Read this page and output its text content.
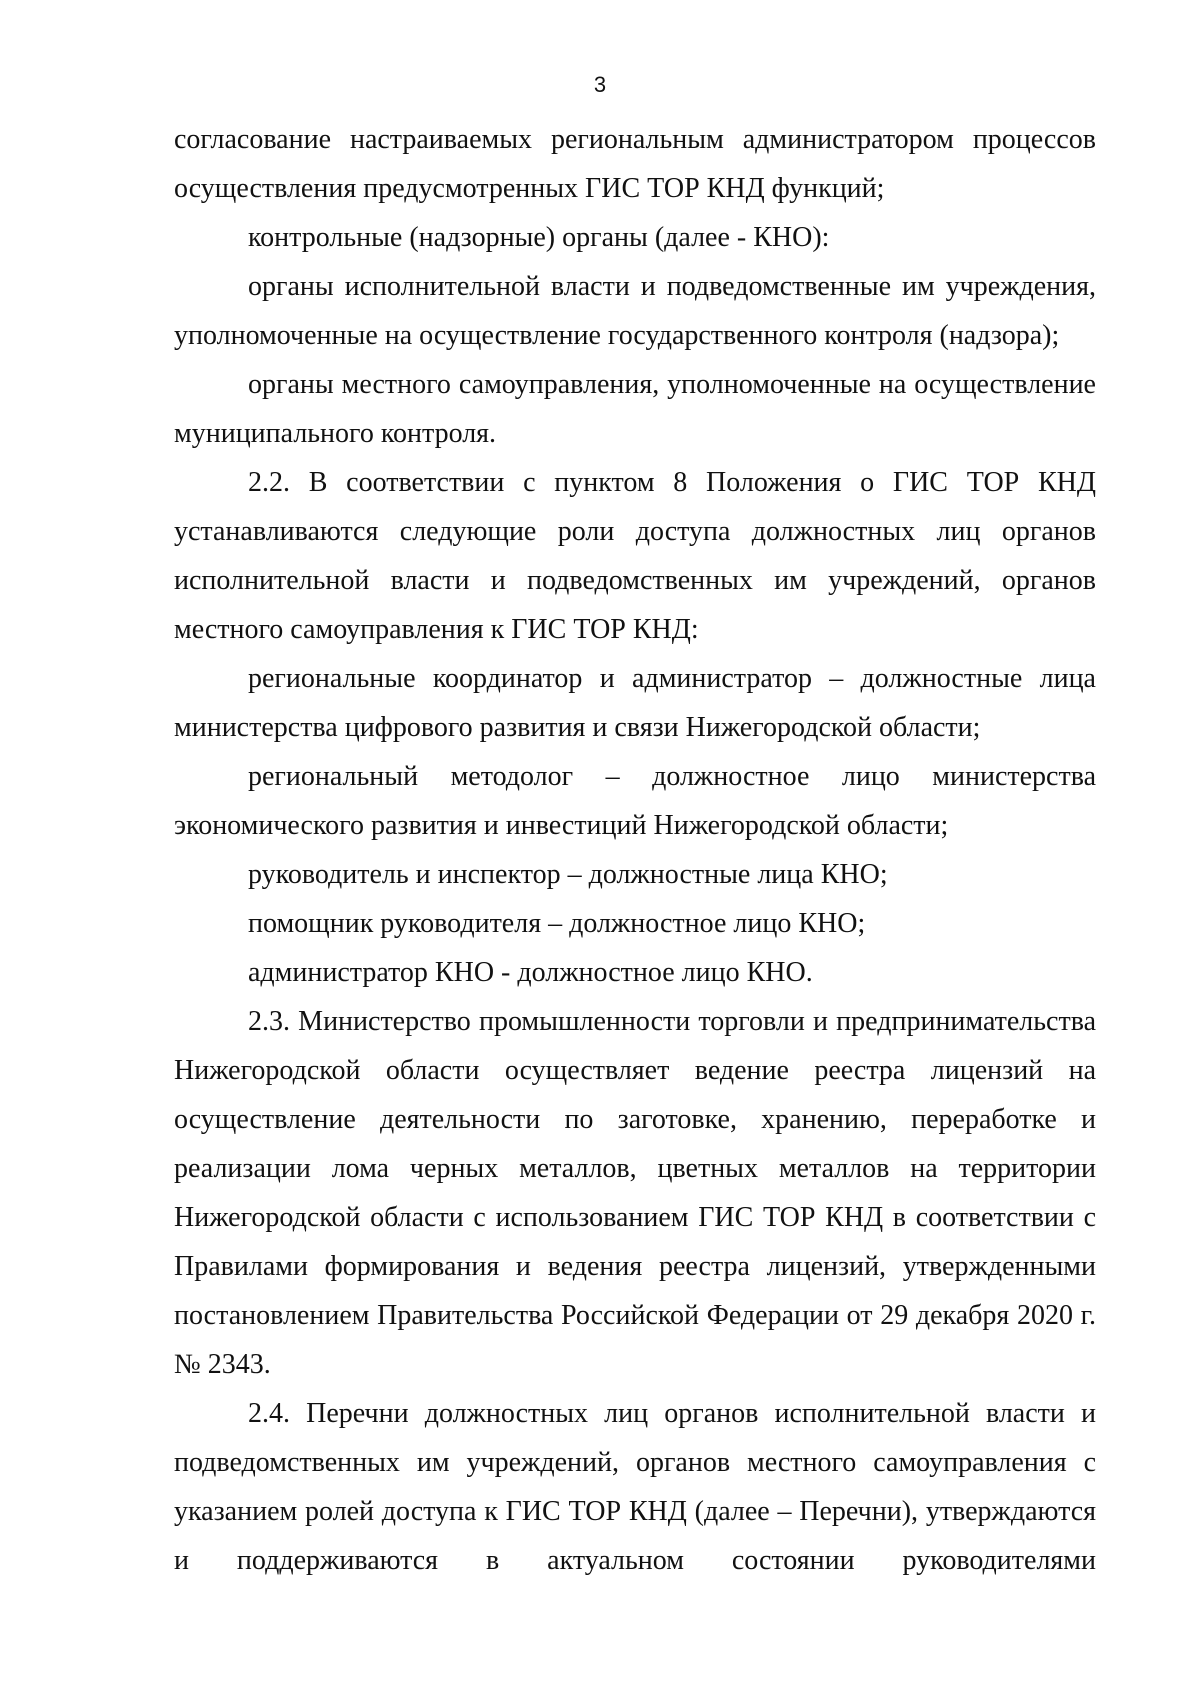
3

согласование настраиваемых региональным администратором процессов осуществления предусмотренных ГИС ТОР КНД функций;

контрольные (надзорные) органы (далее - КНО):

органы исполнительной власти и подведомственные им учреждения, уполномоченные на осуществление государственного контроля (надзора);

органы местного самоуправления, уполномоченные на осуществление муниципального контроля.

2.2. В соответствии с пунктом 8 Положения о ГИС ТОР КНД устанавливаются следующие роли доступа должностных лиц органов исполнительной власти и подведомственных им учреждений, органов местного самоуправления к ГИС ТОР КНД:

региональные координатор и администратор – должностные лица министерства цифрового развития и связи Нижегородской области;

региональный методолог – должностное лицо министерства экономического развития и инвестиций Нижегородской области;

руководитель и инспектор – должностные лица КНО;

помощник руководителя – должностное лицо КНО;

администратор КНО - должностное лицо КНО.

2.3. Министерство промышленности торговли и предпринимательства Нижегородской области осуществляет ведение реестра лицензий на осуществление деятельности по заготовке, хранению, переработке и реализации лома черных металлов, цветных металлов на территории Нижегородской области с использованием ГИС ТОР КНД в соответствии с Правилами формирования и ведения реестра лицензий, утвержденными постановлением Правительства Российской Федерации от 29 декабря 2020 г. № 2343.

2.4. Перечни должностных лиц органов исполнительной власти и подведомственных им учреждений, органов местного самоуправления с указанием ролей доступа к ГИС ТОР КНД (далее – Перечни), утверждаются и поддерживаются в актуальном состоянии руководителями
